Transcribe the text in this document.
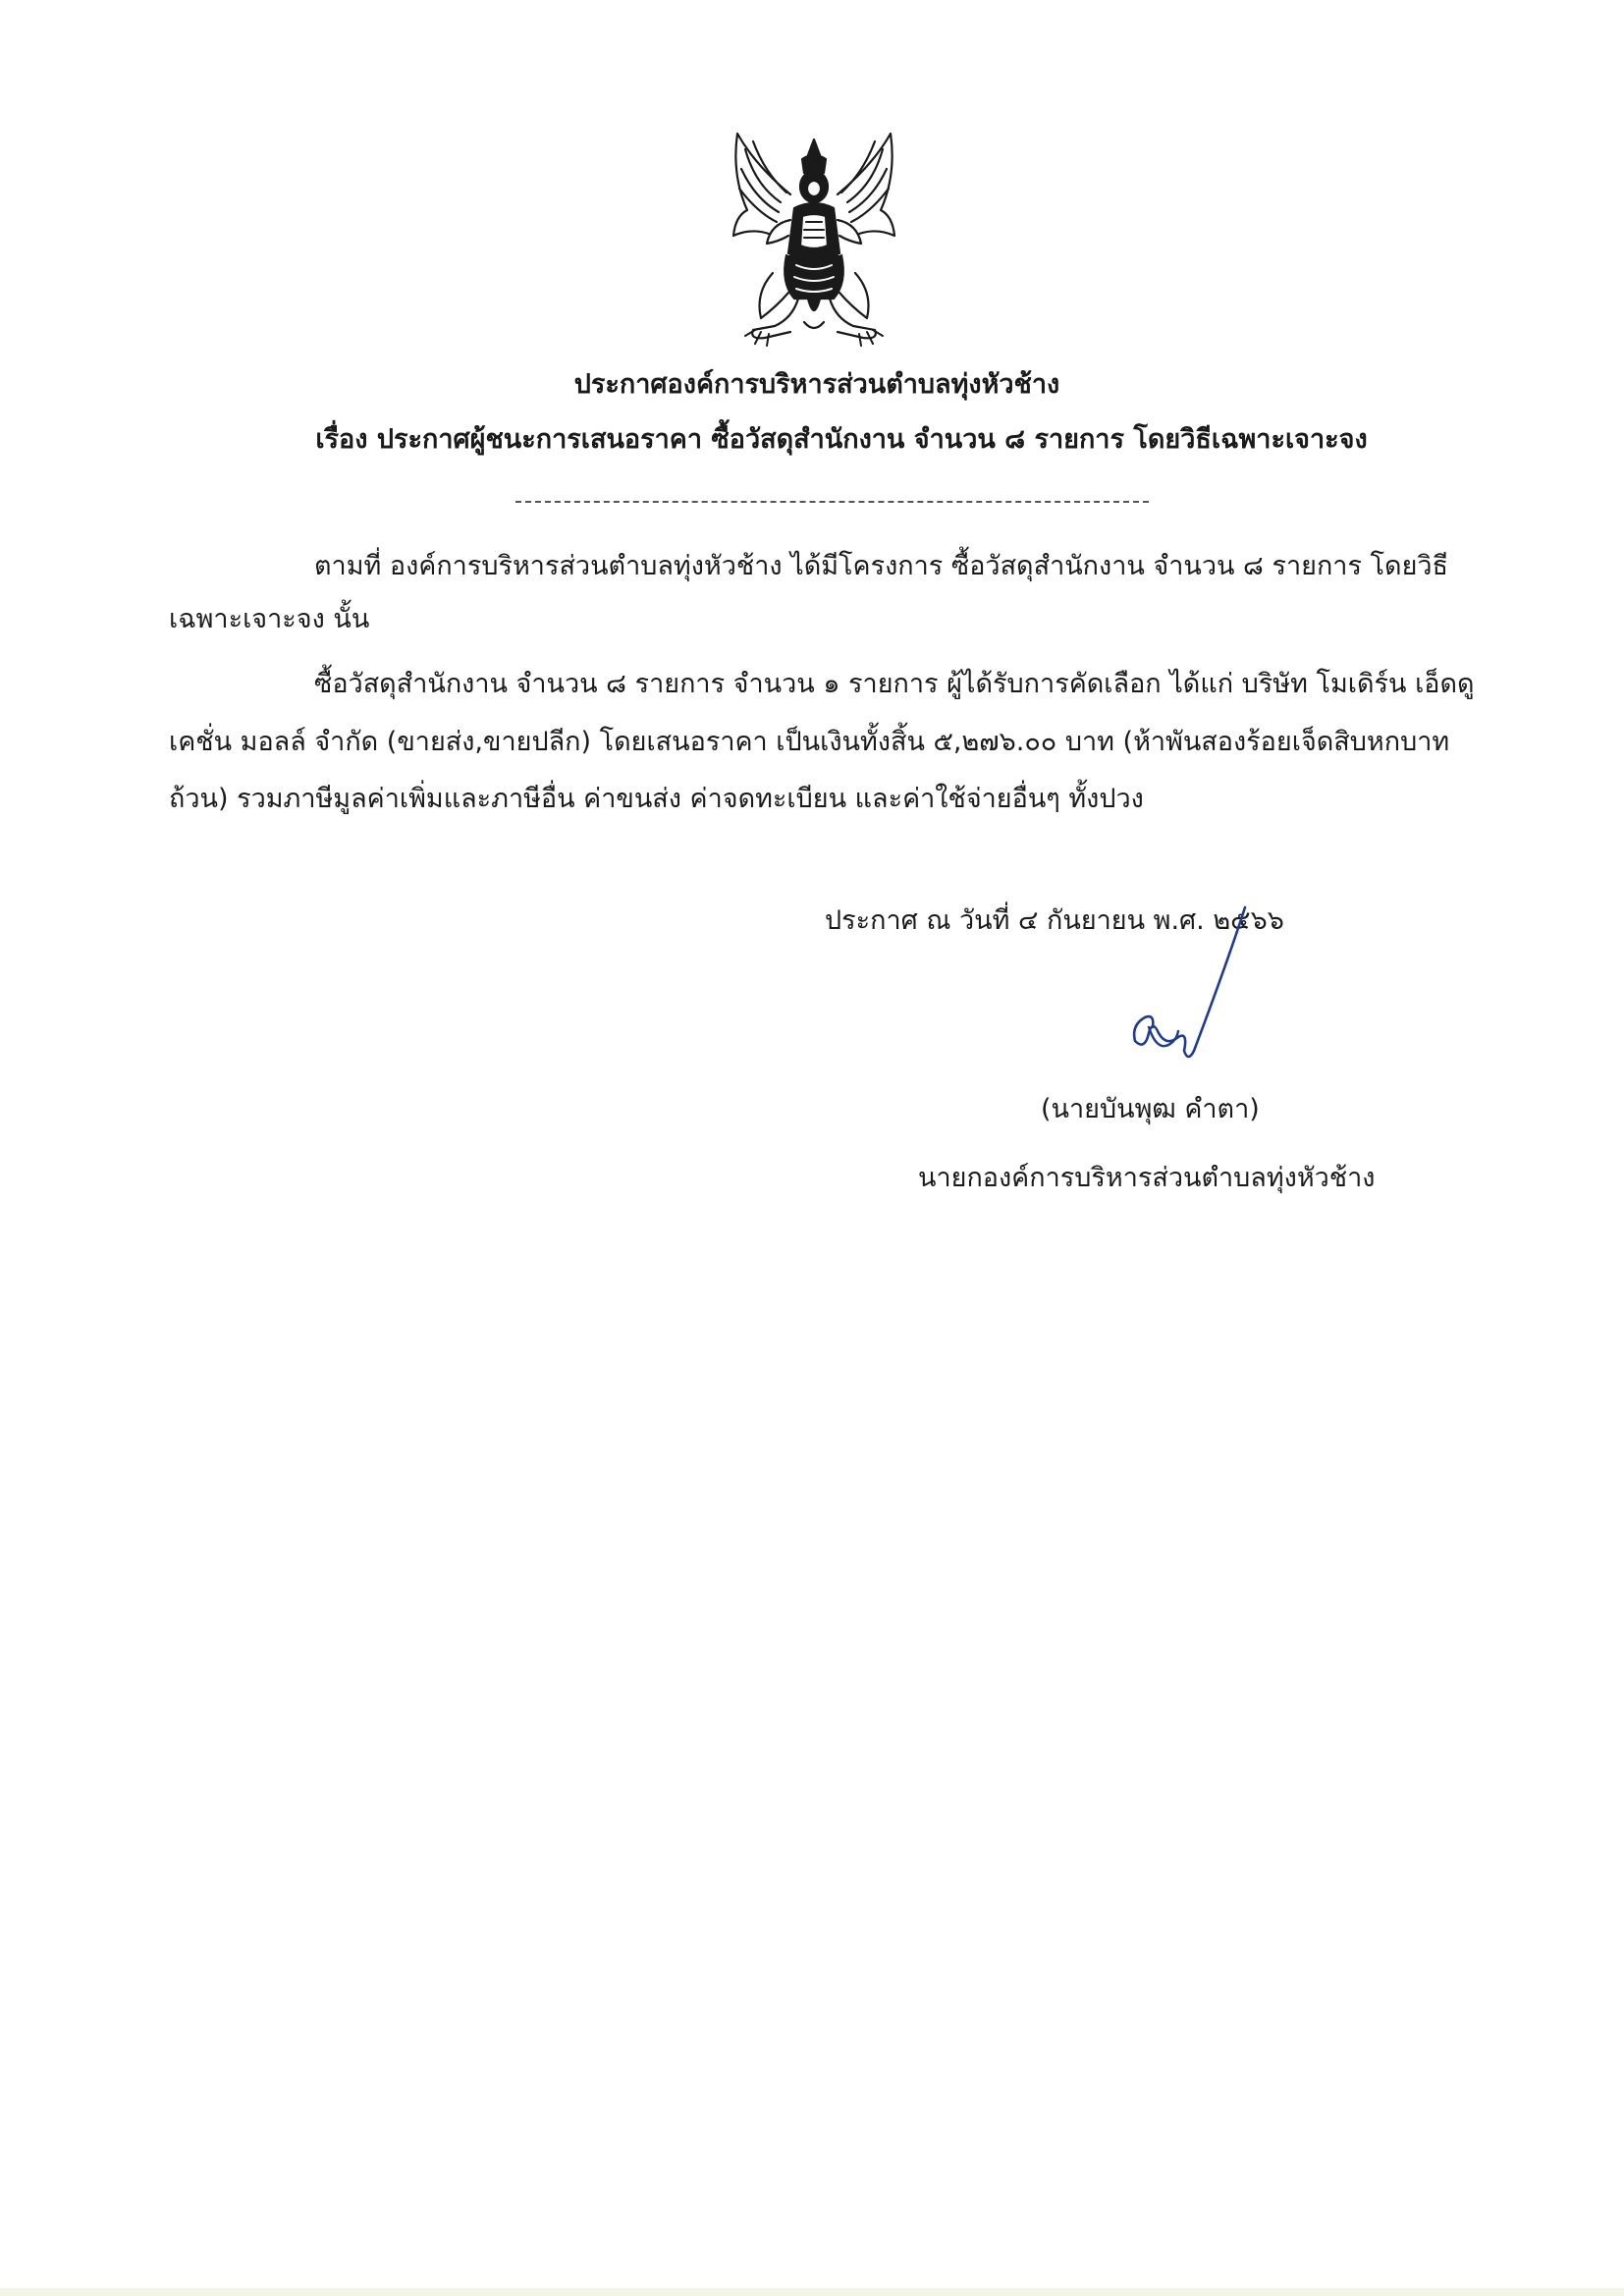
ประกาศองค์การบริหารส่วนตำบลทุ่งหัวช้าง
เรื่อง ประกาศผู้ชนะการเสนอราคา ซื้อวัสดุสำนักงาน จำนวน ๘ รายการ โดยวิธีเฉพาะเจาะจง
ตามที่ องค์การบริหารส่วนตำบลทุ่งหัวช้าง ได้มีโครงการ ซื้อวัสดุสำนักงาน จำนวน ๘ รายการ โดยวิธี
เฉพาะเจาะจง นั้น
ซื้อวัสดุสำนักงาน จำนวน ๘ รายการ จำนวน ๑ รายการ ผู้ได้รับการคัดเลือก ได้แก่ บริษัท โมเดิร์น เอ็ดดู
เคชั่น มอลล์ จำกัด (ขายส่ง,ขายปลีก) โดยเสนอราคา เป็นเงินทั้งสิ้น ๕,๒๗๖.๐๐ บาท (ห้าพันสองร้อยเจ็ดสิบหกบาท
ถ้วน) รวมภาษีมูลค่าเพิ่มและภาษีอื่น ค่าขนส่ง ค่าจดทะเบียน และค่าใช้จ่ายอื่นๆ ทั้งปวง
ประกาศ ณ วันที่ ๔ กันยายน พ.ศ. ๒๕๖๖
(นายบันพุฒ คำตา)
นายกองค์การบริหารส่วนตำบลทุ่งหัวช้าง
